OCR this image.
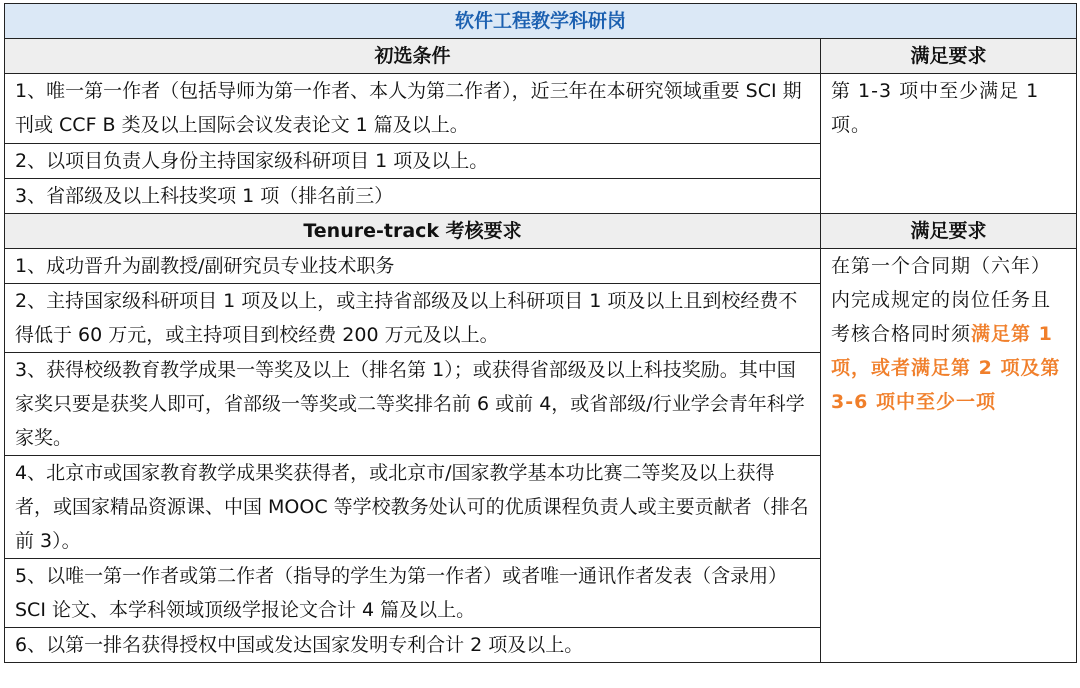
软件工程教学科研岗	
初选条件	满足要求
1、唯一第一作者（包括导师为第一作者、本人为第二作者），近三年在本研究领域重要 SCI 期刊或 CCF B 类及以上国际会议发表论文 1 篇及以上。	第 1-3 项中至少满足 1 项。
2、以项目负责人身份主持国家级科研项目 1 项及以上。	
3、省部级及以上科技奖项 1 项（排名前三）	
Tenure-track 考核要求	满足要求
1、成功晋升为副教授/副研究员专业技术职务	在第一个合同期（六年）内完成规定的岗位任务且考核合格同时须满足第 1 项，或者满足第 2 项及第 3-6 项中至少一项
2、主持国家级科研项目 1 项及以上，或主持省部级及以上科研项目 1 项及以上且到校经费不得低于 60 万元，或主持项目到校经费 200 万元及以上。	
3、获得校级教育教学成果一等奖及以上（排名第 1）；或获得省部级及以上科技奖励。其中国家奖只要是获奖人即可，省部级一等奖或二等奖排名前 6 或前 4，或省部级/行业学会青年科学家奖。	
4、北京市或国家教育教学成果奖获得者，或北京市/国家教学基本功比赛二等奖及以上获得者，或国家精品资源课、中国 MOOC 等学校教务处认可的优质课程负责人或主要贡献者（排名前 3）。	
5、以唯一第一作者或第二作者（指导的学生为第一作者）或者唯一通讯作者发表（含录用）SCI 论文、本学科领域顶级学报论文合计 4 篇及以上。	
6、以第一排名获得授权中国或发达国家发明专利合计 2 项及以上。	
